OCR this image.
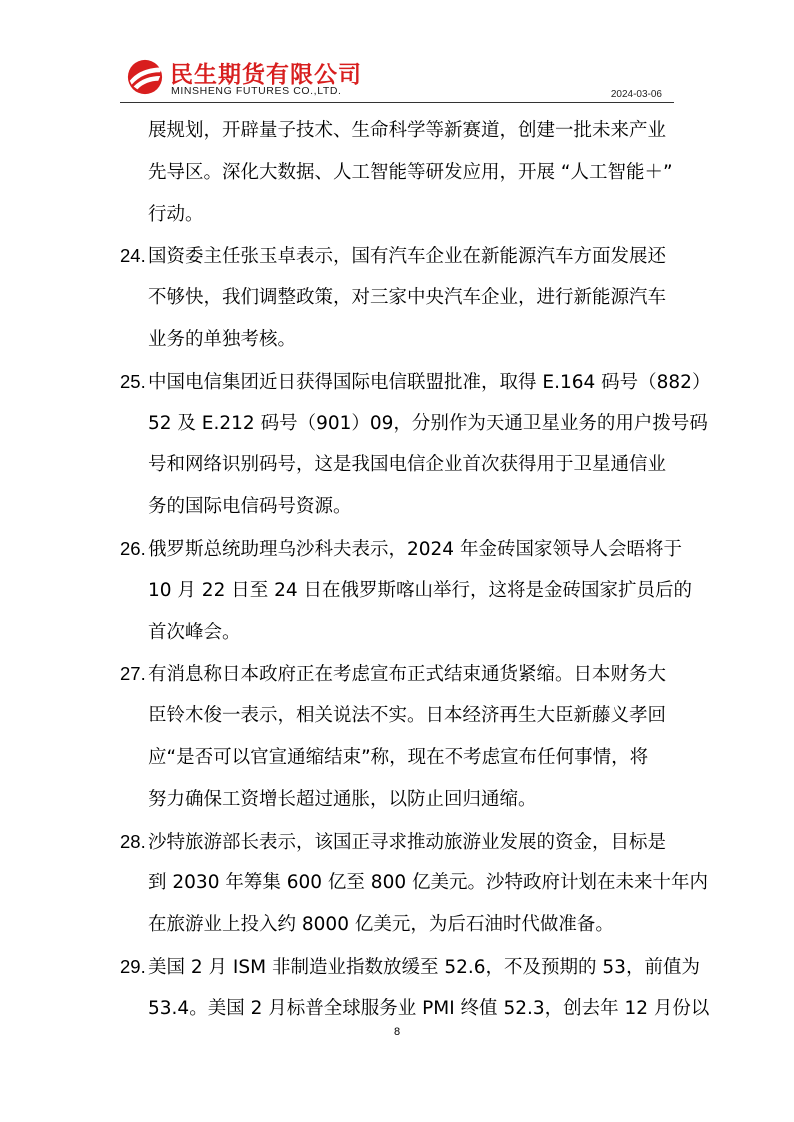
民生期货有限公司
MINSHENG FUTURES CO.,LTD.	2024-03-06
展规划，开辟量子技术、生命科学等新赛道，创建一批未来产业
先导区。深化大数据、人工智能等研发应用，开展 “人工智能＋”
行动。
24. 国资委主任张玉卓表示，国有汽车企业在新能源汽车方面发展还
不够快，我们调整政策，对三家中央汽车企业，进行新能源汽车
业务的单独考核。
25. 中国电信集团近日获得国际电信联盟批准，取得 E.164 码号（882）
52 及 E.212 码号（901）09，分别作为天通卫星业务的用户拨号码
号和网络识别码号，这是我国电信企业首次获得用于卫星通信业
务的国际电信码号资源。
26. 俄罗斯总统助理乌沙科夫表示，2024 年金砖国家领导人会晤将于
10 月 22 日至 24 日在俄罗斯喀山举行，这将是金砖国家扩员后的
首次峰会。
27. 有消息称日本政府正在考虑宣布正式结束通货紧缩。日本财务大
臣铃木俊一表示，相关说法不实。日本经济再生大臣新藤义孝回
应“是否可以官宣通缩结束”称，现在不考虑宣布任何事情，将
努力确保工资增长超过通胀，以防止回归通缩。
28. 沙特旅游部长表示，该国正寻求推动旅游业发展的资金，目标是
到 2030 年筹集 600 亿至 800 亿美元。沙特政府计划在未来十年内
在旅游业上投入约 8000 亿美元，为后石油时代做准备。
29. 美国 2 月 ISM 非制造业指数放缓至 52.6，不及预期的 53，前值为
53.4。美国 2 月标普全球服务业 PMI 终值 52.3，创去年 12 月份以
8
